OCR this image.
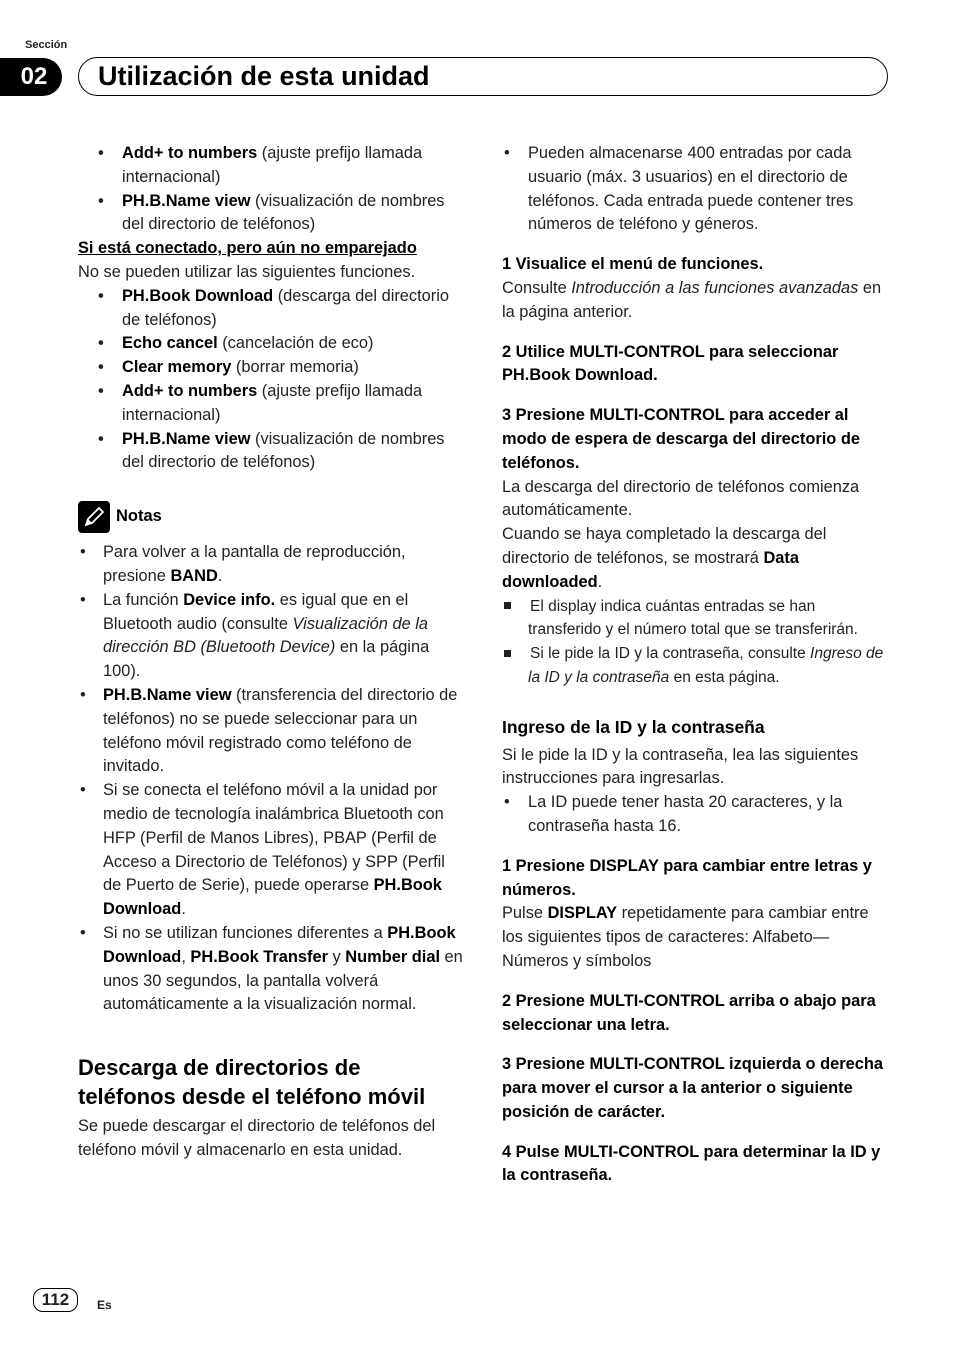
Sección
02	Utilización de esta unidad
• Add+ to numbers (ajuste prefijo llamada internacional)
• PH.B.Name view (visualización de nombres del directorio de teléfonos)
Si está conectado, pero aún no emparejado
No se pueden utilizar las siguientes funciones.
• PH.Book Download (descarga del directorio de teléfonos)
• Echo cancel (cancelación de eco)
• Clear memory (borrar memoria)
• Add+ to numbers (ajuste prefijo llamada internacional)
• PH.B.Name view (visualización de nombres del directorio de teléfonos)
Notas
• Para volver a la pantalla de reproducción, presione BAND.
• La función Device info. es igual que en el Bluetooth audio (consulte Visualización de la dirección BD (Bluetooth Device) en la página 100).
• PH.B.Name view (transferencia del directorio de teléfonos) no se puede seleccionar para un teléfono móvil registrado como teléfono de invitado.
• Si se conecta el teléfono móvil a la unidad por medio de tecnología inalámbrica Bluetooth con HFP (Perfil de Manos Libres), PBAP (Perfil de Acceso a Directorio de Teléfonos) y SPP (Perfil de Puerto de Serie), puede operarse PH.Book Download.
• Si no se utilizan funciones diferentes a PH.Book Download, PH.Book Transfer y Number dial en unos 30 segundos, la pantalla volverá automáticamente a la visualización normal.
Descarga de directorios de teléfonos desde el teléfono móvil
Se puede descargar el directorio de teléfonos del teléfono móvil y almacenarlo en esta unidad.
• Pueden almacenarse 400 entradas por cada usuario (máx. 3 usuarios) en el directorio de teléfonos. Cada entrada puede contener tres números de teléfono y géneros.
1 Visualice el menú de funciones.
Consulte Introducción a las funciones avanzadas en la página anterior.
2 Utilice MULTI-CONTROL para seleccionar PH.Book Download.
3 Presione MULTI-CONTROL para acceder al modo de espera de descarga del directorio de teléfonos.
La descarga del directorio de teléfonos comienza automáticamente.
Cuando se haya completado la descarga del directorio de teléfonos, se mostrará Data downloaded.
El display indica cuántas entradas se han transferido y el número total que se transferirán.
Si le pide la ID y la contraseña, consulte Ingreso de la ID y la contraseña en esta página.
Ingreso de la ID y la contraseña
Si le pide la ID y la contraseña, lea las siguientes instrucciones para ingresarlas.
• La ID puede tener hasta 20 caracteres, y la contraseña hasta 16.
1 Presione DISPLAY para cambiar entre letras y números.
Pulse DISPLAY repetidamente para cambiar entre los siguientes tipos de caracteres: Alfabeto—Números y símbolos
2 Presione MULTI-CONTROL arriba o abajo para seleccionar una letra.
3 Presione MULTI-CONTROL izquierda o derecha para mover el cursor a la anterior o siguiente posición de carácter.
4 Pulse MULTI-CONTROL para determinar la ID y la contraseña.
112	Es
